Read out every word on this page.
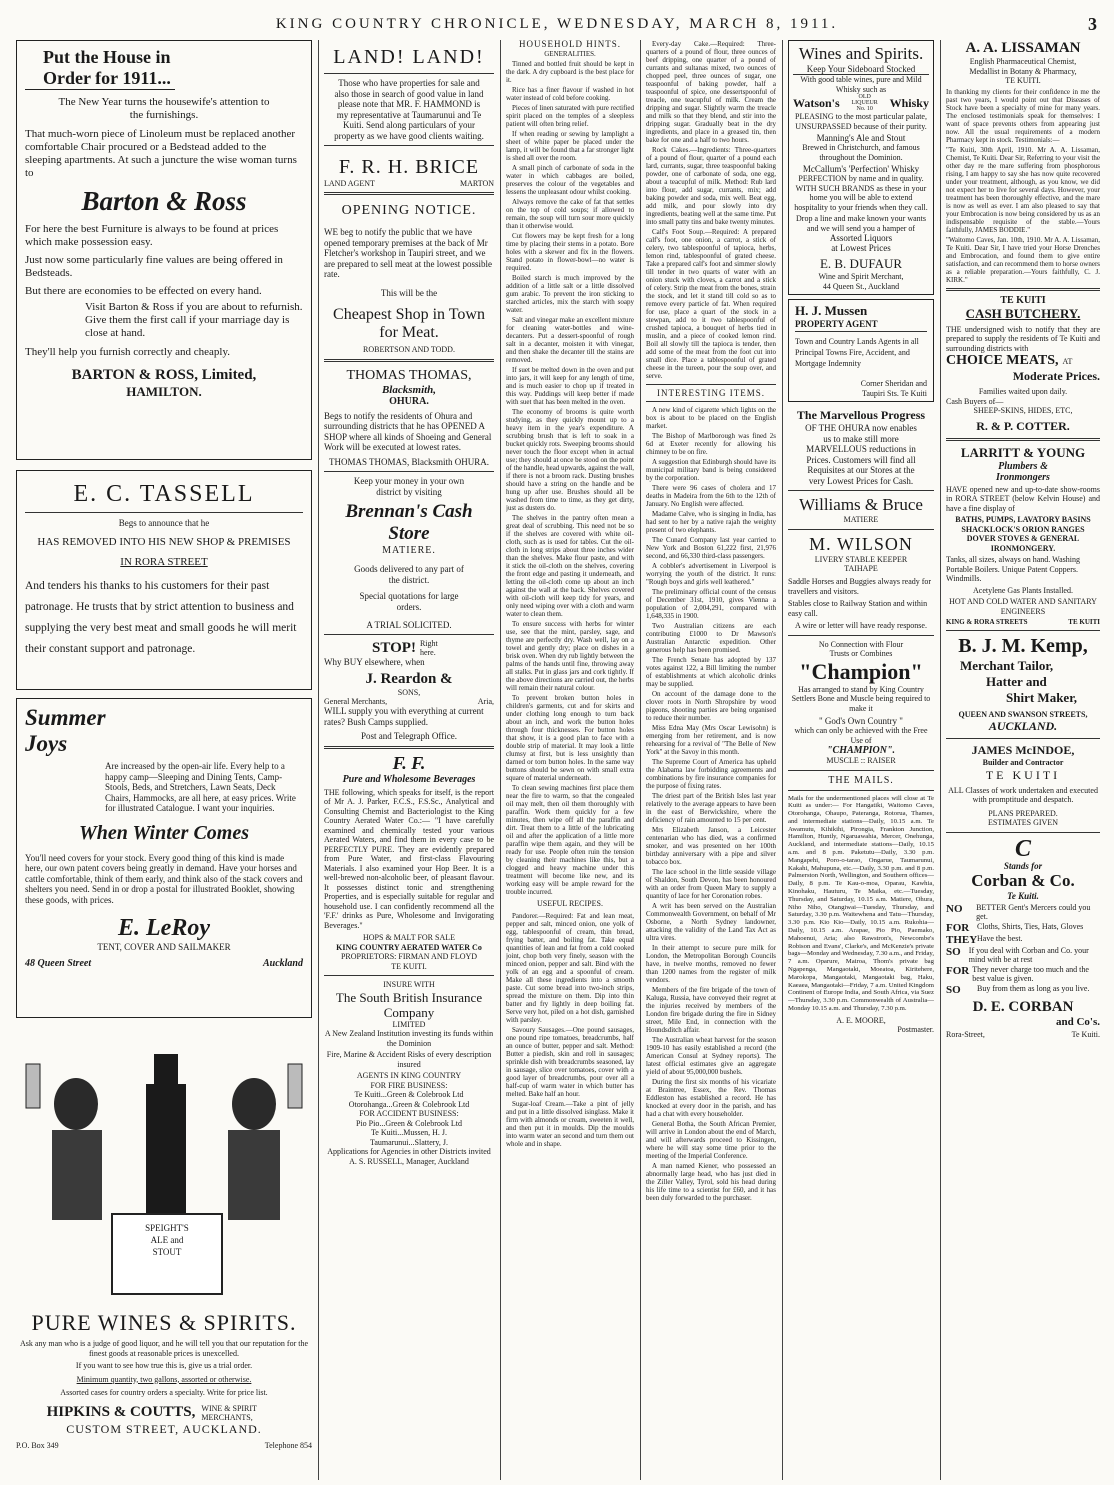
KING COUNTRY CHRONICLE, WEDNESDAY, MARCH 8, 1911.	3
Put the House in
Order for 1911...
The New Year turns the housewife's attention to the furnishings.
That much-worn piece of Linoleum must be replaced another comfortable Chair procured or a Bedstead added to the sleeping apartments. At such a juncture the wise woman turns to
Barton & Ross
For here the best Furniture is always to be found at prices which make possession easy.
Just now some particularly fine values are being offered in Bedsteads.
But there are economies to be effected on every hand.
Visit Barton & Ross if you are about to refurnish. Give them the first call if your marriage day is close at hand.
They'll help you furnish correctly and cheaply.
BARTON & ROSS, Limited,
HAMILTON.
E. C. TASSELL
Begs to announce that he
HAS REMOVED INTO HIS NEW SHOP & PREMISES
IN RORA STREET
And tenders his thanks to his customers for their past patronage. He trusts that by strict attention to business and supplying the very best meat and small goods he will merit their constant support and patronage.
Summer
Joys
Are increased by the open-air life. Every help to a happy camp—Sleeping and Dining Tents, Camp-Stools, Beds, and Stretchers, Lawn Seats, Deck Chairs, Hammocks, are all here, at easy prices. Write for illustrated Catalogue. I want your inquiries.
When Winter Comes
You'll need covers for your stock. Every good thing of this kind is made here, our own patent covers being greatly in demand. Have your horses and cattle comfortable, think of them early, and think also of the stack covers and shelters you need. Send in or drop a postal for illustrated Booklet, showing these goods, with prices.
E. LeRoy
TENT, COVER AND SAILMAKER
48 Queen Street	Auckland
SPEIGHT'S
ALE and
STOUT
PURE WINES & SPIRITS.
Ask any man who is a judge of good liquor, and he will tell you that our reputation for the finest goods at reasonable prices is unexcelled.
If you want to see how true this is, give us a trial order.
Minimum quantity, two gallons, assorted or otherwise.
Assorted cases for country orders a specialty. Write for price list.
HIPKINS & COUTTS, WINE & SPIRIT MERCHANTS,
CUSTOM STREET, AUCKLAND.
P.O. Box 349	Telephone 854
LAND! LAND!
Those who have properties for sale and also those in search of good value in land please note that MR. F. HAMMOND is my representative at Taumarunui and Te Kuiti. Send along particulars of your property as we have good clients waiting.
F. R. H. BRICE
LAND AGENT	MARTON
OPENING NOTICE.
WE beg to notify the public that we have opened temporary premises at the back of Mr Fletcher's workshop in Taupiri street, and we are prepared to sell meat at the lowest possible rate.
This will be the
Cheapest Shop in Town for Meat.
ROBERTSON AND TODD.
THOMAS THOMAS,
Blacksmith,
OHURA.
Begs to notify the residents of Ohura and surrounding districts that he has OPENED A SHOP where all kinds of Shoeing and General Work will be executed at lowest rates.
THOMAS THOMAS, Blacksmith OHURA.
Keep your money in your own district by visiting
Brennan's Cash Store
MATIERE.
Goods delivered to any part of the district.
Special quotations for large orders.
A TRIAL SOLICITED.
STOP! Right here.
Why BUY elsewhere, when
J. Reardon &
SONS,
General Merchants,	Aria,
WILL supply you with everything at current rates? Bush Camps supplied.
Post and Telegraph Office.
F. F.
Pure and Wholesome Beverages
THE following, which speaks for itself, is the report of Mr A. J. Parker, F.C.S., F.S.Sc., Analytical and Consulting Chemist and Bacteriologist to the King Country Aerated Water Co.:— "I have carefully examined and chemically tested your various Aerated Waters, and find them in every case to be PERFECTLY PURE. They are evidently prepared from Pure Water, and first-class Flavouring Materials. I also examined your Hop Beer. It is a well-brewed non-alcoholic beer, of pleasant flavour. It possesses distinct tonic and strengthening Properties, and is especially suitable for regular and household use. I can confidently recommend all the 'F.F.' drinks as Pure, Wholesome and Invigorating Beverages."
HOPS & MALT FOR SALE
KING COUNTRY AERATED WATER Co
PROPRIETORS: FIRMAN AND FLOYD
TE KUITI.
INSURE WITH
The South British Insurance Company
LIMITED
A New Zealand Institution investing its funds within the Dominion
Fire, Marine & Accident Risks of every description insured
AGENTS IN KING COUNTRY
FOR FIRE BUSINESS:
Te Kuiti...Green & Colebrook Ltd
Otorohanga...Green & Colebrook Ltd
FOR ACCIDENT BUSINESS:
Pio Pio...Green & Colebrook Ltd
Te Kuiti...Mussen, H. J.
Taumarunui...Slattery, J.
Applications for Agencies in other Districts invited
A. S. RUSSELL, Manager, Auckland
HOUSEHOLD HINTS.
GENERALITIES.

Tinned and bottled fruit should be kept in the dark. A dry cupboard is the best place for it.

Rice has a finer flavour if washed in hot water instead of cold before cooking.

Pieces of linen saturated with pure rectified spirit placed on the temples of a sleepless patient will often bring relief.

If when reading or sewing by lamplight a sheet of white paper be placed under the lamp, it will be found that a far stronger light is shed all over the room.

A small pinch of carbonate of soda in the water in which cabbages are boiled, preserves the colour of the vegetables and lessens the unpleasant odour whilst cooking.

Always remove the cake of fat that settles on the top of cold soups; if allowed to remain, the soup will turn sour more quickly than it otherwise would.

Cut flowers may be kept fresh for a long time by placing their stems in a potato. Bore holes with a skewer and fix in the flowers. Stand potato in flower-bowl—no water is required.

Boiled starch is much improved by the addition of a little salt or a little dissolved gum arabic. To prevent the iron sticking to starched articles, mix the starch with soapy water.

Salt and vinegar make an excellent mixture for cleaning water-bottles and wine-decanters. Put a dessert-spoonful of rough salt in a decanter, moisten it with vinegar, and then shake the decanter till the stains are removed.

If suet be melted down in the oven and put into jars, it will keep for any length of time, and is much easier to chop up if treated in this way. Puddings will keep better if made with suet that has been melted in the oven.

The economy of brooms is quite worth studying, as they quickly mount up to a heavy item in the year's expenditure. A scrubbing brush that is left to soak in a bucket quickly rots. Sweeping brooms should never touch the floor except when in actual use; they should at once be stood on the point of the handle, head upwards, against the wall, if there is not a broom rack. Dusting brushes should have a string on the handle and be hung up after use. Brushes should all be washed from time to time, as they get dirty, just as dusters do.

The shelves in the pantry often mean a great deal of scrubbing. This need not be so if the shelves are covered with white oil-cloth, such as is used for tables. Cut the oil-cloth in long strips about three inches wider than the shelves. Make flour paste, and with it stick the oil-cloth on the shelves, covering the front edge and pasting it underneath, and letting the oil-cloth come up about an inch against the wall at the back. Shelves covered with oil-cloth will keep tidy for years, and only need wiping over with a cloth and warm water to clean them.

To ensure success with herbs for winter use, see that the mint, parsley, sage, and thyme are perfectly dry. Wash well, lay on a towel and gently dry; place on dishes in a brisk oven. When dry rub lightly between the palms of the hands until fine, throwing away all stalks. Put in glass jars and cork tightly. If the above directions are carried out, the herbs will remain their natural colour.

To prevent broken button holes in children's garments, cut and for skirts and under clothing long enough to turn back about an inch, and work the button holes through four thicknesses. For button holes that show, it is a good plan to face with a double strip of material. It may look a little clumsy at first, but is less unsightly than darned or torn button holes. In the same way buttons should be sewn on with small extra square of material underneath.

To clean sewing machines first place them near the fire to warm, so that the congealed oil may melt, then oil them thoroughly with paraffin. Work them quickly for a few minutes, then wipe off all the paraffin and dirt. Treat them to a little of the lubricating oil and after the application of a little more paraffin wipe them again, and they will be ready for use. People often ruin the tension by cleaning their machines like this, but a clogged and heavy machine under this treatment will become like new, and its working easy will be ample reward for the trouble incurred.

USEFUL RECIPES.

Pandorer.—Required: Fat and lean meat, pepper and salt, minced onion, one yolk of egg, tablespoonful of cream, thin bread, frying batter, and boiling fat. Take equal quantities of lean and fat from a cold cooked joint, chop both very finely, season with the minced onion, pepper and salt. Bind with the yolk of an egg and a spoonful of cream. Make all these ingredients into a smooth paste. Cut some bread into two-inch strips, spread the mixture on them. Dip into thin batter and fry lightly in deep boiling fat. Serve very hot, piled on a hot dish, garnished with parsley.

Savoury Sausages.—One pound sausages, one pound ripe tomatoes, breadcrumbs, half an ounce of butter, pepper and salt. Method: Butter a piedish, skin and roll in sausages; sprinkle dish with breadcrumbs seasoned, lay in sausage, slice over tomatoes, cover with a good layer of breadcrumbs, pour over all a half-cup of warm water in which butter has melted. Bake half an hour.

Sugar-loaf Cream.—Take a pint of jelly and put in a little dissolved isinglass. Make it firm with almonds or cream, sweeten it well, and then put it in moulds. Dip the moulds into warm water an second and turn them out whole and in shape.

Every-day Cake.—Required: Three-quarters of a pound of flour, three ounces of beef dripping, one quarter of a pound of currants and sultanas mixed, two ounces of chopped peel, three ounces of sugar, one teaspoonful of baking powder, half a teaspoonful of spice, one dessertspoonful of treacle, one teacupful of milk. Cream the dripping and sugar. Slightly warm the treacle and milk so that they blend, and stir into the dripping sugar. Gradually beat in the dry ingredients, and place in a greased tin, then bake for one and a half to two hours.

Rock Cakes.—Ingredients: Three-quarters of a pound of flour, quarter of a pound each lard, currants, sugar, three teaspoonful baking powder, one of carbonate of soda, one egg, about a teacupful of milk. Method: Rub lard into flour, add sugar, currants, mix; add baking powder and soda, mix well. Beat egg, add milk, and pour slowly into dry ingredients, beating well at the same time. Put into small patty tins and bake twenty minutes.

Calf's Foot Soup.—Required: A prepared calf's foot, one onion, a carrot, a stick of celery, two tablespoonful of tapioca, herbs, lemon rind, tablespoonful of grated cheese. Take a prepared calf's foot and simmer slowly till tender in two quarts of water with an onion stuck with cloves, a carrot and a stick of celery. Strip the meat from the bones, strain the stock, and let it stand till cold so as to remove every particle of fat. When required for use, place a quart of the stock in a stewpan, add to it two tablespoonful of crushed tapioca, a bouquet of herbs tied in muslin, and a piece of cooked lemon rind. Boil all slowly till the tapioca is tender, then add some of the meat from the foot cut into small dice. Place a tablespoonful of grated cheese in the tureen, pour the soup over, and serve.

INTERESTING ITEMS.

A new kind of cigarette which lights on the box is about to be placed on the English market.

The Bishop of Marlborough was fined 2s 6d at Exeter recently for allowing his chimney to be on fire.

A suggestion that Edinburgh should have its municipal military band is being considered by the corporation.

There were 96 cases of cholera and 17 deaths in Madeira from the 6th to the 12th of January. No English were affected.

Madame Calve, who is singing in India, has had sent to her by a native rajah the weighty present of two elephants.

The Cunard Company last year carried to New York and Boston 61,222 first, 21,976 second, and 66,330 third-class passengers.

A cobbler's advertisement in Liverpool is worrying the youth of the district. It runs: "Rough boys and girls well leathered."

The preliminary official count of the census of December 31st, 1910, gives Vienna a population of 2,004,291, compared with 1,648,335 in 1900.

Two Australian citizens are each contributing £1000 to Dr Mawson's Australian Antarctic expedition. Other generous help has been promised.

The French Senate has adopted by 137 votes against 122, a Bill limiting the number of establishments at which alcoholic drinks may be supplied.

On account of the damage done to the clover roots in North Shropshire by wood pigeons, shooting parties are being organised to reduce their number.

Miss Edna May (Mrs Oscar Lewisohn) is emerging from her retirement, and is now rehearsing for a revival of "The Belle of New York" at the Savoy in this month.

The Supreme Court of America has upheld the Alabama law forbidding agreements and combinations by fire insurance companies for the purpose of fixing rates.

The driest part of the British Isles last year relatively to the average appears to have been in the east of Berwickshire, where the deficiency of rain amounted to 15 per cent.

Mrs Elizabeth Janson, a Leicester centenarian who has died, was a confirmed smoker, and was presented on her 100th birthday anniversary with a pipe and silver tobacco box.

The lace school in the little seaside village of Shaldon, South Devon, has been honoured with an order from Queen Mary to supply a quantity of lace for her Coronation robes.

A writ has been served on the Australian Commonwealth Government, on behalf of Mr Osborne, a North Sydney landowner, attacking the validity of the Land Tax Act as ultra vires.

In their attempt to secure pure milk for London, the Metropolitan Borough Councils have, in twelve months, removed no fewer than 1200 names from the register of milk vendors.

Members of the fire brigade of the town of Kaluga, Russia, have conveyed their regret at the injuries received by members of the London fire brigade during the fire in Sidney street, Mile End, in connection with the Houndsditch affair.

The Australian wheat harvest for the season 1909-10 has easily established a record (the American Consul at Sydney reports). The latest official estimates give an aggregate yield of about 95,000,000 bushels.

During the first six months of his vicariate at Braintree, Essex, the Rev. Thomas Eddleston has established a record. He has knocked at every door in the parish, and has had a chat with every householder.

General Botha, the South African Premier, will arrive in London about the end of March, and will afterwards proceed to Kissingen, where he will stay some time prior to the meeting of the Imperial Conference.

A man named Kiener, who possessed an abnormally large head, who has just died in the Ziller Valley, Tyrol, sold his head during his life time to a scientist for £60, and it has been duly forwarded to the purchaser.

Wines and Spirits.
Keep Your Sideboard Stocked
With good table wines, pure and Mild Whisky such as
Watson's	OLD LIQUEUR No. 10	Whisky
PLEASING to the most particular palate, UNSURPASSED because of their purity.
Manning's Ale and Stout
Brewed in Christchurch, and famous throughout the Dominion.
McCallum's 'Perfection' Whisky
PERFECTION by name and in quality. WITH SUCH BRANDS as these in your home you will be able to extend hospitality to your friends when they call.
Drop a line and make known your wants and we will send you a hamper of
Assorted Liquors
at Lowest Prices
E. B. DUFAUR
Wine and Spirit Merchant,
44 Queen St., Auckland
H. J. Mussen
PROPERTY AGENT
Town and Country Lands Agents in all Principal Towns Fire, Accident, and Mortgage Indemnity
Corner Sheridan and
Taupiri Sts. Te Kuiti
The Marvellous Progress
OF THE OHURA now enables us to make still more MARVELLOUS reductions in Prices. Customers will find all Requisites at our Stores at the very Lowest Prices for Cash.
Williams & Bruce
MATIERE
M. WILSON
LIVERY STABLE KEEPER
TAIHAPE
Saddle Horses and Buggies always ready for travellers and visitors.
Stables close to Railway Station and within easy call.
A wire or letter will have ready response.
No Connection with Flour
Trusts or Combines
"Champion"
Has arranged to stand by King Country Settlers Bone and Muscle being required to make it
" God's Own Country "
which can only be achieved with the Free Use of
"CHAMPION".
MUSCLE :: RAISER
THE MAILS.
Mails for the undermentioned places will close at Te Kuiti as under:— For Hangatiki, Waitomo Caves, Otorohanga, Ohaupo, Pateranga, Rotorua, Thames, and intermediate stations—Daily, 10.15 a.m. Te Awamutu, Kihikihi, Pirongia, Frankton Junction, Hamilton, Huntly, Ngaruawahia, Mercer, Onehunga, Auckland, and intermediate stations—Daily, 10.15 a.m. and 8 p.m. Paketutu—Daily, 3.30 p.m. Mangapehi, Poro-o-tarao, Ongarue, Taumarunui, Kakahi, Mahupuna, etc.—Daily, 3.30 p.m. and 8 p.m. Palmerston North, Wellington, and Southern offices—Daily, 8 p.m. Te Kau-o-moa, Oparau, Kawhia, Kinohaku, Hauturu, Te Maika, etc.—Tuesday, Thursday, and Saturday, 10.15 a.m. Matiere, Ohura, Niho Niho, Otangiwai—Tuesday, Thursday, and Saturday, 3.30 p.m. Waitewhena and Tatu—Thursday, 3.30 p.m. Kio Kio—Daily, 10.15 a.m. Rukohia—Daily, 10.15 a.m. Arapae, Pio Pio, Paemako, Mahoenui, Aria; also Rawstron's, Newcombe's Robison and Evans', Clarke's, and McKenzie's private bags—Monday and Wednesday, 7.30 a.m., and Friday, 7 a.m. Oparure, Mairoa, Thom's private bag Ngapenga, Mangaotaki, Moeatoa, Kiritehere, Marokopa, Mangaotaki, Mangaotaki bag, Haku, Kaeaea, Mangaotaki—Friday, 7 a.m. United Kingdom Continent of Europe India, and South Africa, via Suez—Thursday, 3.30 p.m. Commonwealth of Australia—Monday 10.15 a.m. and Thursday, 7.30 p.m.
A. E. MOORE,
Postmaster.
A. A. LISSAMAN
English Pharmaceutical Chemist,
Medallist in Botany & Pharmacy,
TE KUITI.
In thanking my clients for their confidence in me the past two years, I would point out that Diseases of Stock have been a specialty of mine for many years. The enclosed testimonials speak for themselves: I want of space prevents others from appearing just now. All the usual requirements of a modern Pharmacy kept in stock. Testimonials:—
"Te Kuiti, 30th April, 1910. Mr A. A. Lissaman, Chemist, Te Kuiti. Dear Sir, Referring to your visit the other day re the mare suffering from phosphorous rising, I am happy to say she has now quite recovered under your treatment, although, as you know, we did not expect her to live for several days. However, your treatment has been thoroughly effective, and the mare is now as well as ever. I am also pleased to say that your Embrocation is now being considered by us as an indispensable requisite of the stable.—Yours faithfully, JAMES BODDIE."
"Waitomo Caves, Jan. 10th, 1910. Mr A. A. Lissaman, Te Kuiti. Dear Sir, I have tried your Horse Drenches and Embrocation, and found them to give entire satisfaction, and can recommend them to horse owners as a reliable preparation.—Yours faithfully, C. J. KIRK."
TE KUITI
CASH BUTCHERY.
THE undersigned wish to notify that they are prepared to supply the residents of Te Kuiti and surrounding districts with
CHOICE MEATS, AT
Moderate Prices.
Families waited upon daily.
Cash Buyers of—
SHEEP-SKINS, HIDES, ETC,
R. & P. COTTER.
LARRITT & YOUNG
Plumbers & Ironmongers
HAVE opened new and up-to-date show-rooms in RORA STREET (below Kelvin House) and have a fine display of
BATHS, PUMPS, LAVATORY BASINS
SHACKLOCK'S ORION RANGES
DOVER STOVES & GENERAL
IRONMONGERY.
Tanks, all sizes, always on hand. Washing Portable Boilers. Unique Patent Coppers. Windmills.
Acetylene Gas Plants Installed.
HOT AND COLD WATER AND SANITARY ENGINEERS
KING & RORA STREETS	TE KUITI
B. J. M. Kemp,
Merchant Tailor,
Hatter and
Shirt Maker,
QUEEN AND SWANSON STREETS,
AUCKLAND.
JAMES McINDOE,
Builder and Contractor
TE KUITI
ALL Classes of work undertaken and executed with promptitude and despatch.
PLANS PREPARED.
ESTIMATES GIVEN
C
Stands for
Corban & Co.
Te Kuiti.
NO	BETTER Gent's Mercers could you get.
FOR Cloths, Shirts, Ties, Hats, Gloves
THEY Have the best.
SO	If you deal with Corban and Co. your mind with be at rest
FOR They never charge too much and the best value is given.
SO	Buy from them as long as you live.
D. E. CORBAN
and Co's.
Rora-Street,	Te Kuiti.
